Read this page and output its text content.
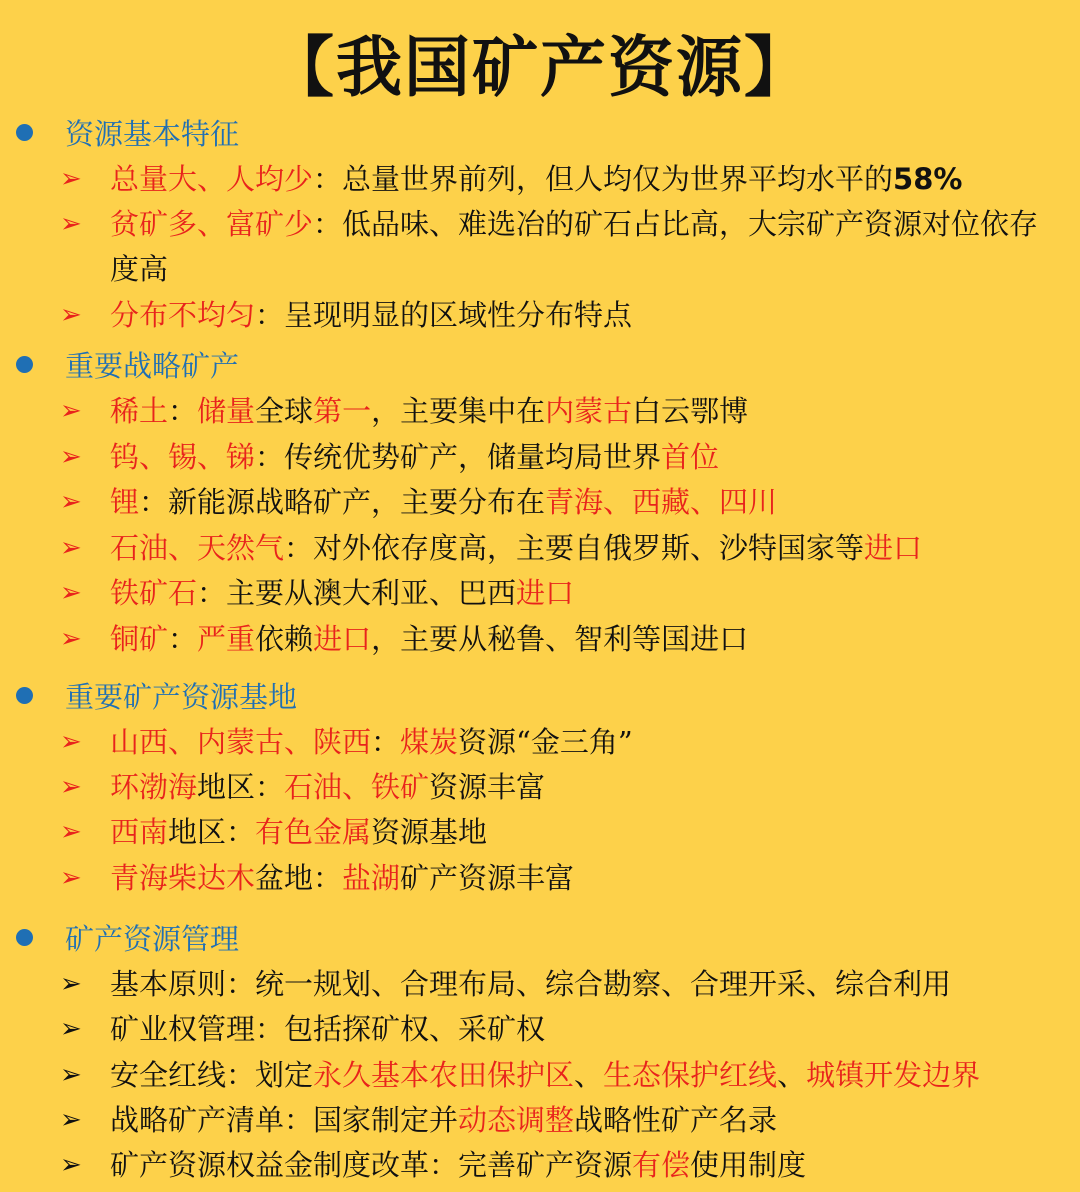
【我国矿产资源】
资源基本特征
➢ 总量大、人均少：总量世界前列，但人均仅为世界平均水平的58%
➢ 贫矿多、富矿少：低品味、难选冶的矿石占比高，大宗矿产资源对位依存度高
➢ 分布不均匀：呈现明显的区域性分布特点
重要战略矿产
➢ 稀土：储量全球第一，主要集中在内蒙古白云鄂博
➢ 钨、锡、锑：传统优势矿产，储量均局世界首位
➢ 锂：新能源战略矿产，主要分布在青海、西藏、四川
➢ 石油、天然气：对外依存度高，主要自俄罗斯、沙特国家等进口
➢ 铁矿石：主要从澳大利亚、巴西进口
➢ 铜矿：严重依赖进口，主要从秘鲁、智利等国进口
重要矿产资源基地
➢ 山西、内蒙古、陕西：煤炭资源“金三角”
➢ 环渤海地区：石油、铁矿资源丰富
➢ 西南地区：有色金属资源基地
➢ 青海柴达木盆地：盐湖矿产资源丰富
矿产资源管理
➢ 基本原则：统一规划、合理布局、综合勘察、合理开采、综合利用
➢ 矿业权管理：包括探矿权、采矿权
➢ 安全红线：划定永久基本农田保护区、生态保护红线、城镇开发边界
➢ 战略矿产清单：国家制定并动态调整战略性矿产名录
➢ 矿产资源权益金制度改革：完善矿产资源有偿使用制度
